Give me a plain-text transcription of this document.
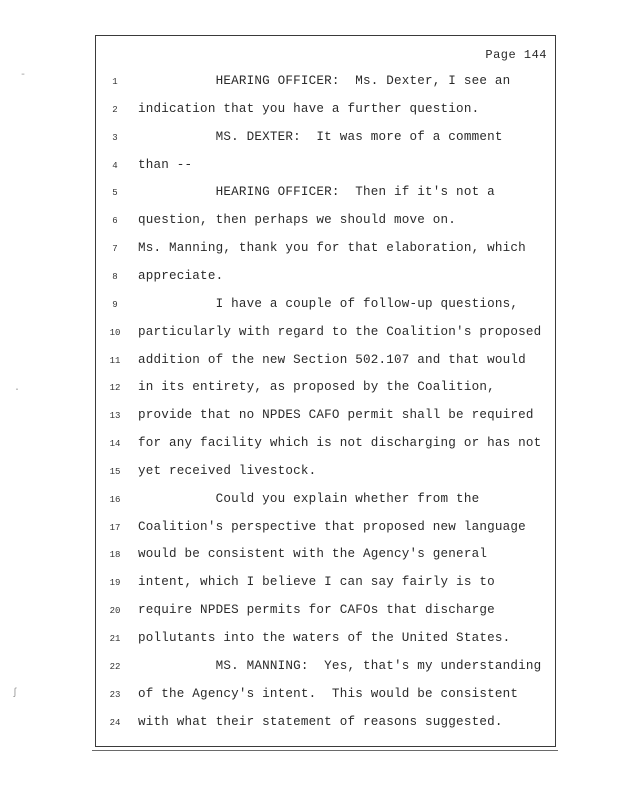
Page 144
1	HEARING OFFICER:  Ms. Dexter, I see an
2	indication that you have a further question.
3	MS. DEXTER:  It was more of a comment
4	than --
5	HEARING OFFICER:  Then if it's not a
6	question, then perhaps we should move on.
7	Ms. Manning, thank you for that elaboration, which
8	appreciate.
9	I have a couple of follow-up questions,
10	particularly with regard to the Coalition's proposed
11	addition of the new Section 502.107 and that would
12	in its entirety, as proposed by the Coalition,
13	provide that no NPDES CAFO permit shall be required
14	for any facility which is not discharging or has not
15	yet received livestock.
16	Could you explain whether from the
17	Coalition's perspective that proposed new language
18	would be consistent with the Agency's general
19	intent, which I believe I can say fairly is to
20	require NPDES permits for CAFOs that discharge
21	pollutants into the waters of the United States.
22	MS. MANNING:  Yes, that's my understanding
23	of the Agency's intent.  This would be consistent
24	with what their statement of reasons suggested.
-
·
ʃ
